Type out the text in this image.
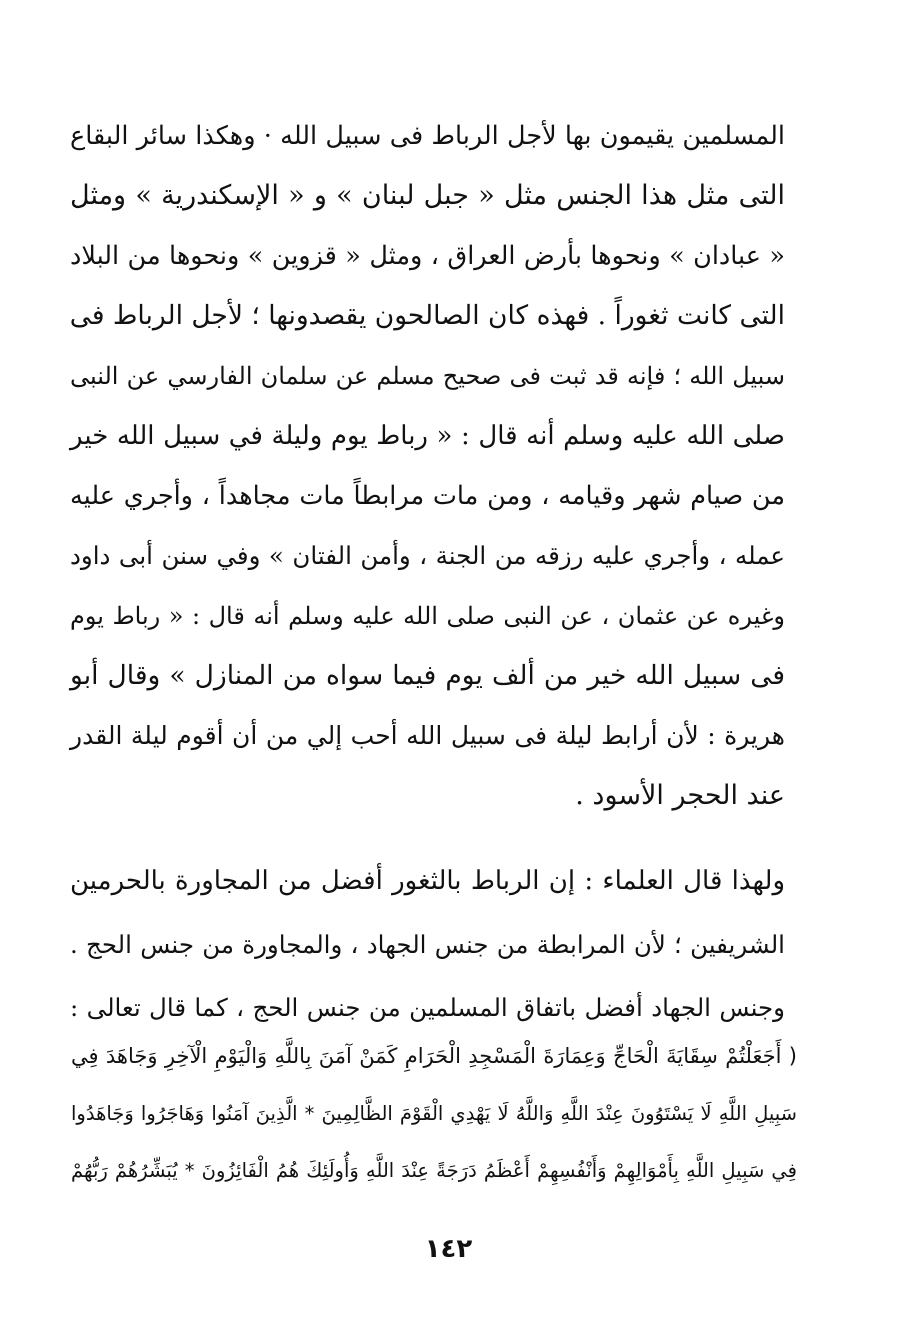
المسلمين يقيمون بها لأجل الرباط فى سبيل الله · وهكذا سائر البقاع
التى مثل هذا الجنس مثل « جبل لبنان » و « الإسكندرية » ومثل
« عبادان » ونحوها بأرض العراق ، ومثل « قزوين » ونحوها من البلاد
التى كانت ثغوراً . فهذه كان الصالحون يقصدونها ؛ لأجل الرباط فى
سبيل الله ؛ فإنه قد ثبت فى صحيح مسلم عن سلمان الفارسي عن النبى
صلى الله عليه وسلم أنه قال : « رباط يوم وليلة في سبيل الله خير
من صيام شهر وقيامه ، ومن مات مرابطاً مات مجاهداً ، وأجري عليه
عمله ، وأجري عليه رزقه من الجنة ، وأمن الفتان » وفي سنن أبى داود
وغيره عن عثمان ، عن النبى صلى الله عليه وسلم أنه قال : « رباط يوم
فى سبيل الله خير من ألف يوم فيما سواه من المنازل » وقال أبو
هريرة : لأن أرابط ليلة فى سبيل الله أحب إلي من أن أقوم ليلة القدر
عند الحجر الأسود .
ولهذا قال العلماء : إن الرباط بالثغور أفضل من المجاورة بالحرمين
الشريفين ؛ لأن المرابطة من جنس الجهاد ، والمجاورة من جنس الحج .
وجنس الجهاد أفضل باتفاق المسلمين من جنس الحج ، كما قال تعالى :
( أَجَعَلْتُمْ سِقَايَةَ الْحَاجِّ وَعِمَارَةَ الْمَسْجِدِ الْحَرَامِ كَمَنْ آمَنَ بِاللَّهِ وَالْيَوْمِ الْآخِرِ وَجَاهَدَ فِي
سَبِيلِ اللَّهِ لَا يَسْتَوُونَ عِنْدَ اللَّهِ وَاللَّهُ لَا يَهْدِي الْقَوْمَ الظَّالِمِينَ * الَّذِينَ آمَنُوا وَهَاجَرُوا وَجَاهَدُوا
فِي سَبِيلِ اللَّهِ بِأَمْوَالِهِمْ وَأَنْفُسِهِمْ أَعْظَمُ دَرَجَةً عِنْدَ اللَّهِ وَأُولَئِكَ هُمُ الْفَائِزُونَ * يُبَشِّرُهُمْ رَبُّهُمْ
١٤٢
